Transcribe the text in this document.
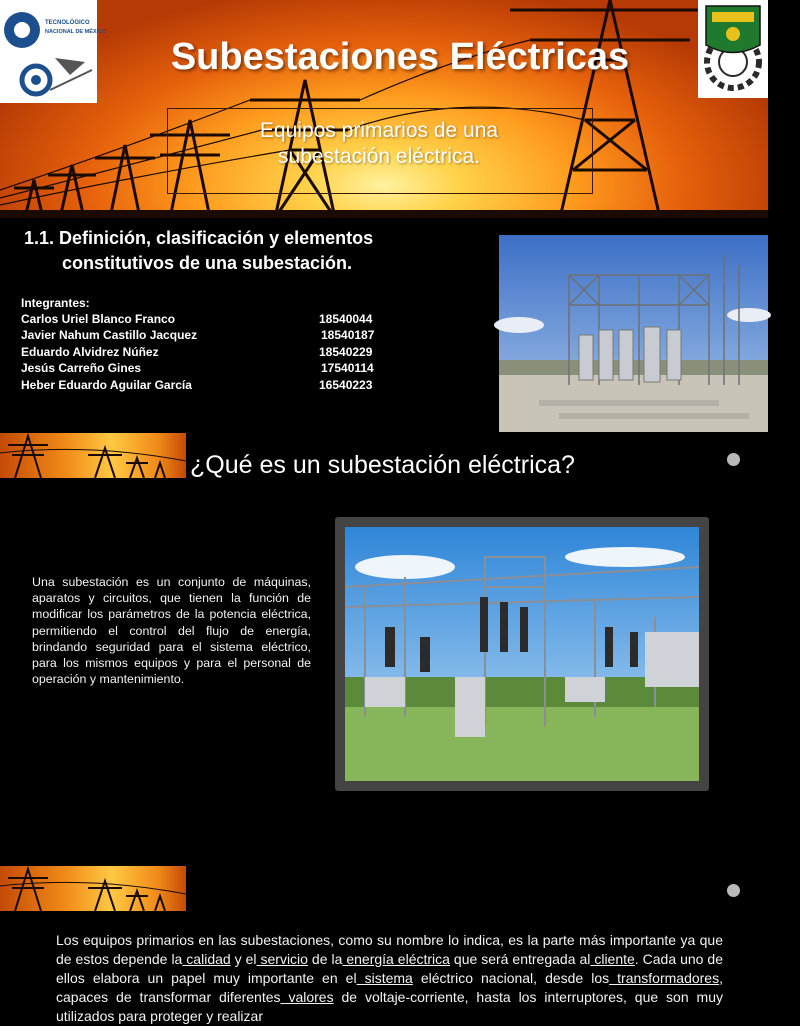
TECNOLÓGICO
NACIONAL DE MÉXICO
Subestaciones Eléctricas
Equipos primarios de una
subestación eléctrica.
1.1. Definición, clasificación y elementos
constitutivos de una subestación.
Integrantes:
Carlos Uriel Blanco Franco	18540044
Javier Nahum Castillo Jacquez	18540187
Eduardo Alvidrez Núñez	18540229
Jesús Carreño Gines	17540114
Heber Eduardo Aguilar García	16540223
¿Qué es un subestación eléctrica?
Una subestación es un conjunto de máquinas, aparatos y circuitos, que tienen la función de modificar los parámetros de la potencia eléctrica, permitiendo el control del flujo de energía, brindando seguridad para el sistema eléctrico, para los mismos equipos y para el personal de operación y mantenimiento.
Los equipos primarios en las subestaciones, como su nombre lo indica, es la parte más importante ya que de estos depende la calidad y el servicio de la energía eléctrica que será entregada al cliente. Cada uno de ellos elabora un papel muy importante en el sistema eléctrico nacional, desde los transformadores, capaces de transformar diferentes valores de voltaje-corriente, hasta los interruptores, que son muy utilizados para proteger y realizar
